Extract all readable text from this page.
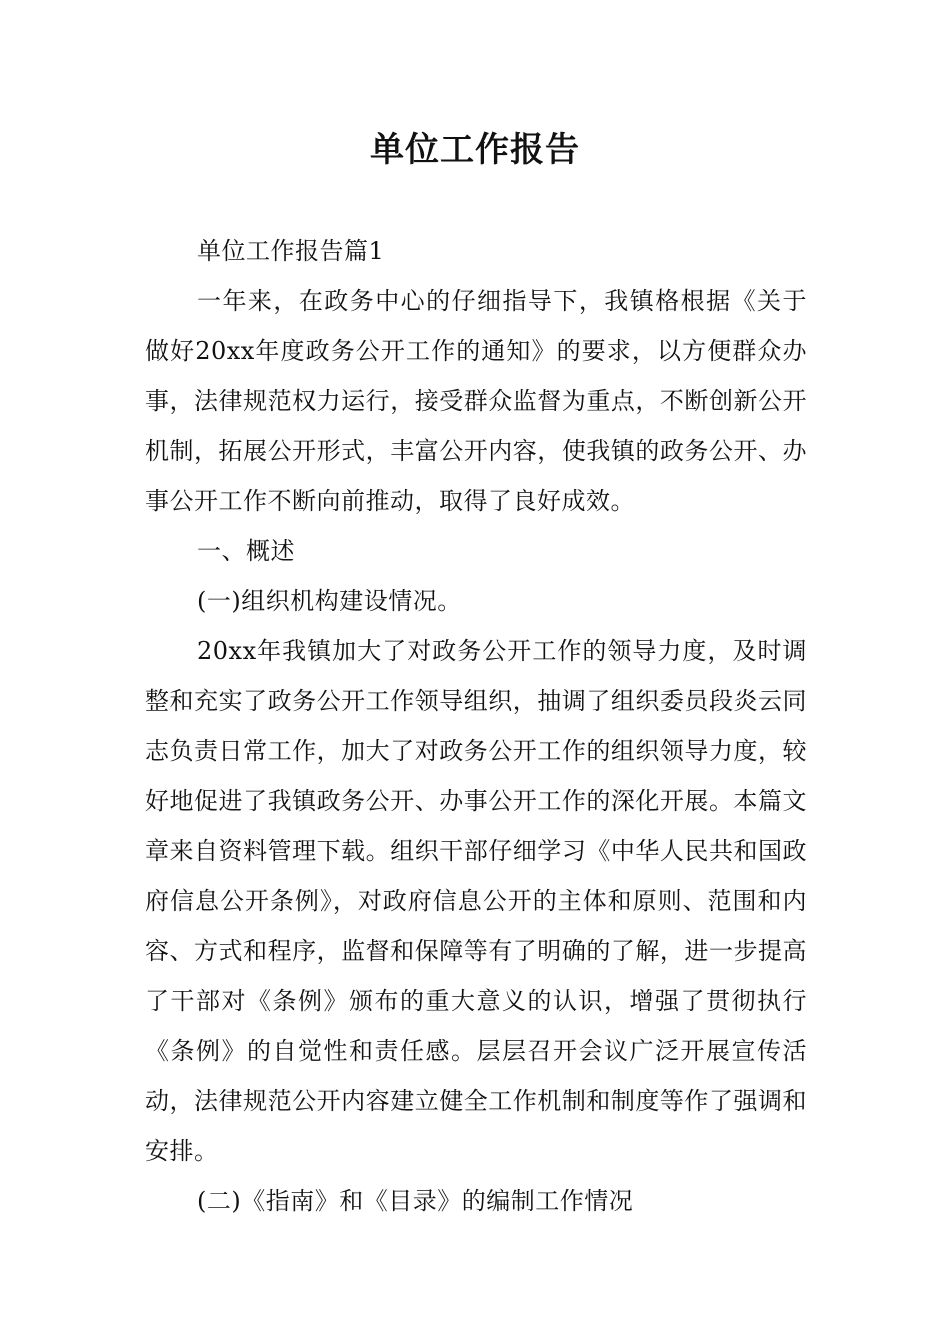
单位工作报告

单位工作报告篇1

一年来，在政务中心的仔细指导下，我镇格根据《关于做好20xx年度政务公开工作的通知》的要求，以方便群众办事，法律规范权力运行，接受群众监督为重点，不断创新公开机制，拓展公开形式，丰富公开内容，使我镇的政务公开、办事公开工作不断向前推动，取得了良好成效。

一、概述

(一)组织机构建设情况。

20xx年我镇加大了对政务公开工作的领导力度，及时调整和充实了政务公开工作领导组织，抽调了组织委员段炎云同志负责日常工作，加大了对政务公开工作的组织领导力度，较好地促进了我镇政务公开、办事公开工作的深化开展。本篇文章来自资料管理下载。组织干部仔细学习《中华人民共和国政府信息公开条例》，对政府信息公开的主体和原则、范围和内容、方式和程序，监督和保障等有了明确的了解，进一步提高了干部对《条例》颁布的重大意义的认识，增强了贯彻执行《条例》的自觉性和责任感。层层召开会议广泛开展宣传活动，法律规范公开内容建立健全工作机制和制度等作了强调和安排。

(二)《指南》和《目录》的编制工作情况
